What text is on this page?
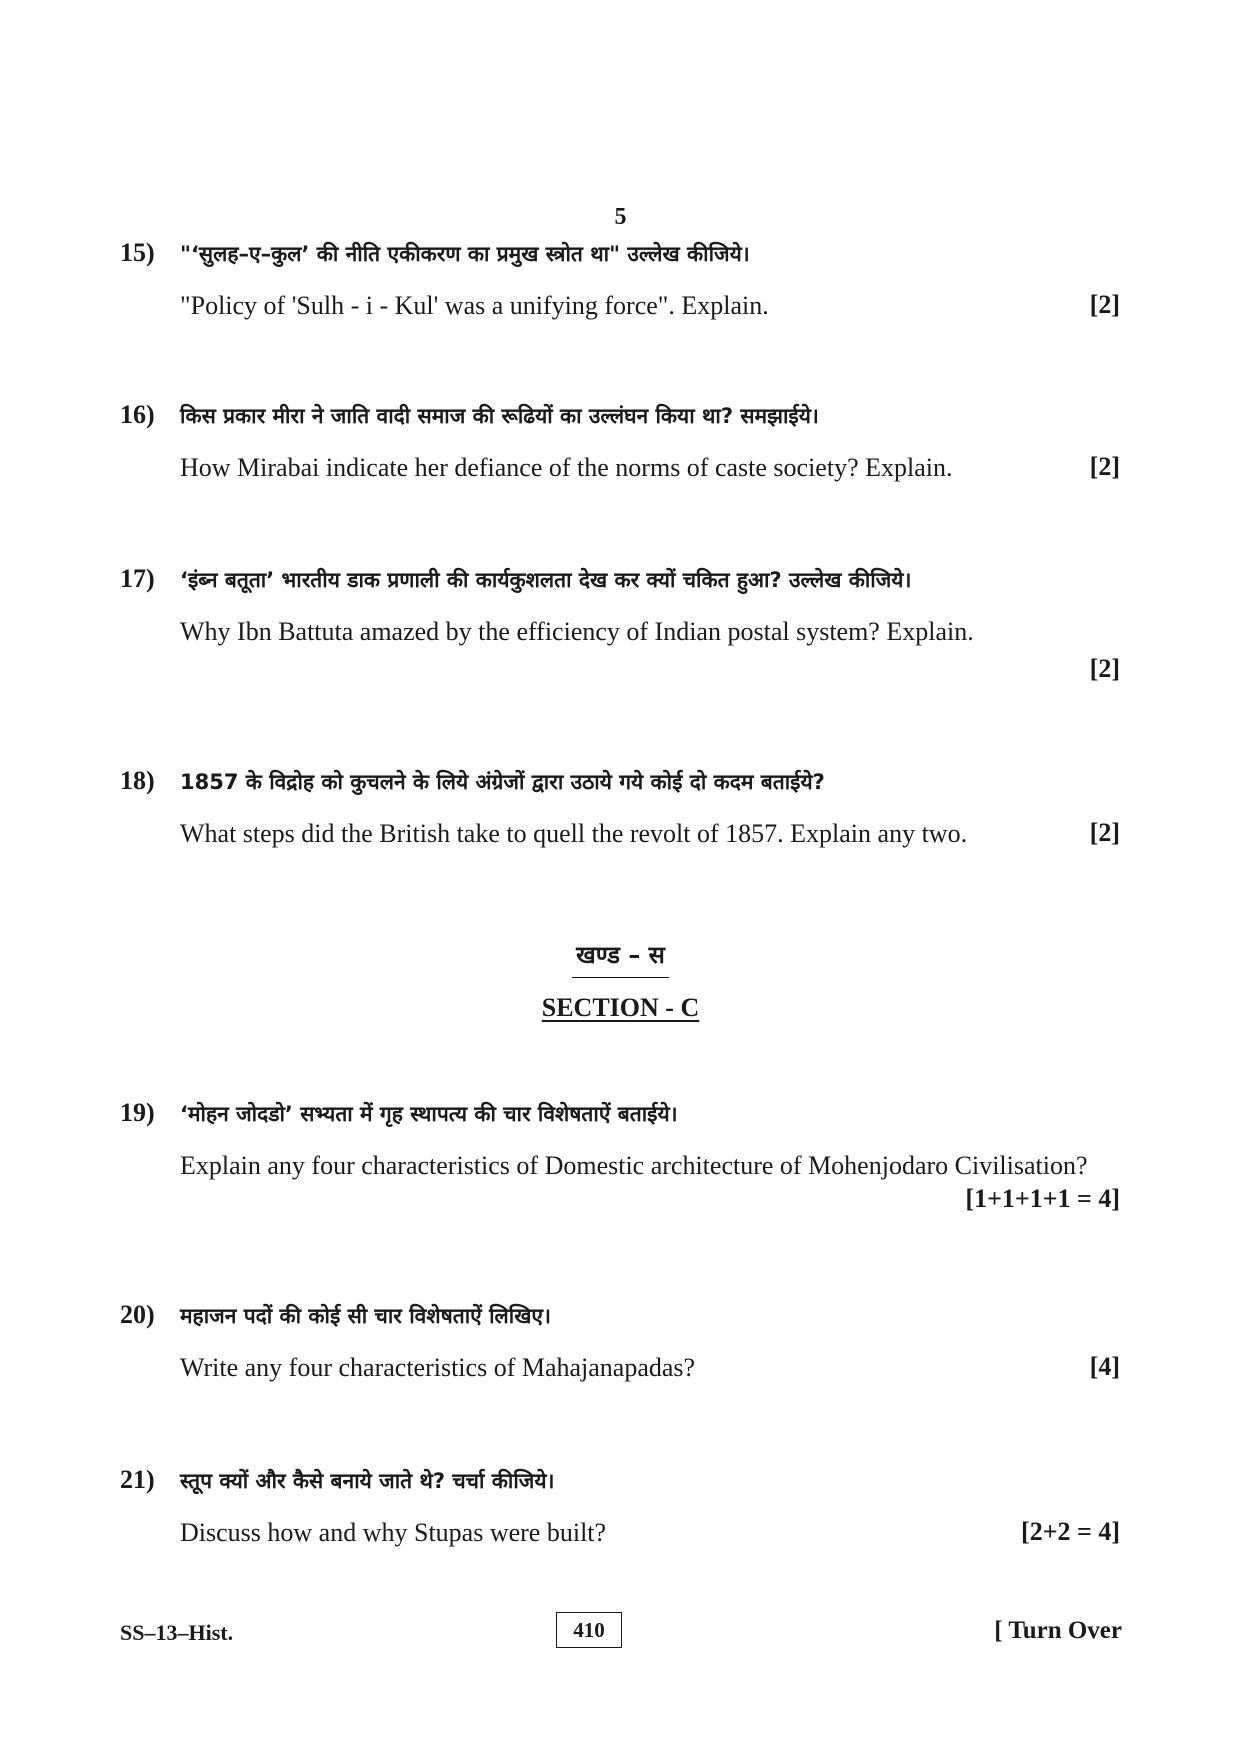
5
15) "‘सुलह–ए–कुल’ की नीति एकीकरण का प्रमुख स्त्रोत था" उल्लेख कीजिये।
"Policy of 'Sulh - i - Kul' was a unifying force". Explain.	[2]
16) किस प्रकार मीरा ने जाति वादी समाज की रूढियों का उल्लंघन किया था? समझाईये।
How Mirabai indicate her defiance of the norms of caste society? Explain.	[2]
17) ‘इंब्न बतूता’ भारतीय डाक प्रणाली की कार्यकुशलता देख कर क्यों चकित हुआ? उल्लेख कीजिये।
Why Ibn Battuta amazed by the efficiency of Indian postal system? Explain.
[2]
18) 1857 के विद्रोह को कुचलने के लिये अंग्रेजों द्वारा उठाये गये कोई दो कदम बताईये?
What steps did the British take to quell the revolt of 1857. Explain any two.	[2]
खण्ड – स
SECTION - C
19) ‘मोहन जोदडो’ सभ्यता में गृह स्थापत्य की चार विशेषताऐं बताईये।
Explain any four characteristics of Domestic architecture of Mohenjodaro Civilisation?
[1+1+1+1 = 4]
20) महाजन पदों की कोई सी चार विशेषताऐं लिखिए।
Write any four characteristics of Mahajanapadas?	[4]
21) स्तूप क्यों और कैसे बनाये जाते थे? चर्चा कीजिये।
Discuss how and why Stupas were built?	[2+2 = 4]
SS–13–Hist.	410	[ Turn Over
